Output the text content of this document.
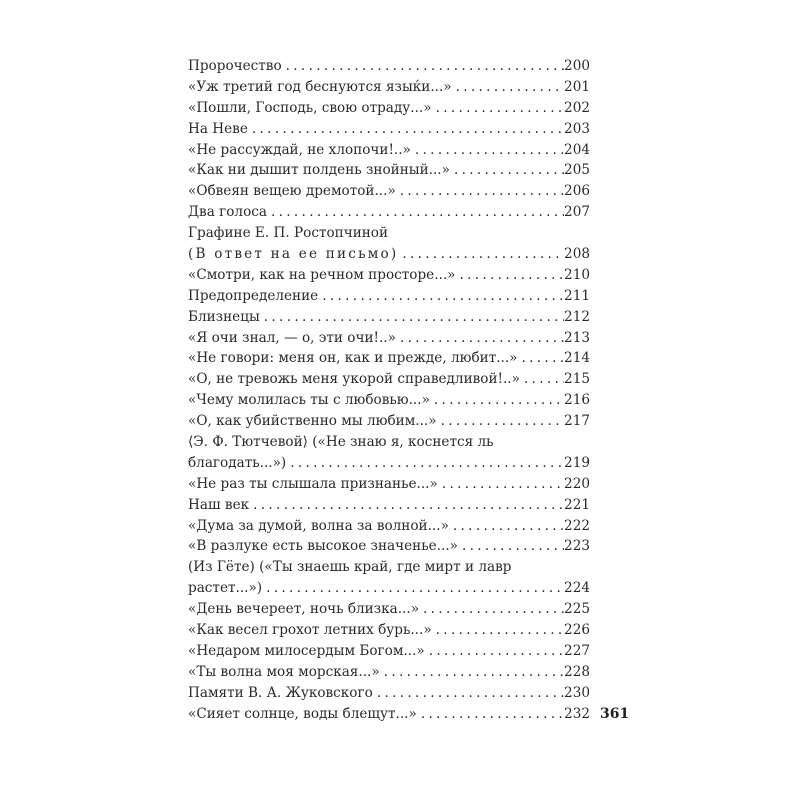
Пророчество . . .	200
«Уж третий год беснуются языќи...» . . .	201
«Пошли, Господь, свою отраду...» . . .	202
На Неве . . .	203
«Не рассуждай, не хлопочи!..» . . .	204
«Как ни дышит полдень знойный...» . . .	205
«Обвеян вещею дремотой...» . . .	206
Два голоса . . .	207
Графине Е. П. Ростопчиной
(В ответ на ее письмо) . . .	208
«Смотри, как на речном просторе...» . . .	210
Предопределение . . .	211
Близнецы . . .	212
«Я очи знал, — о, эти очи!..» . . .	213
«Не говори: меня он, как и прежде, любит...» . . .	214
«О, не тревожь меня укорой справедливой!..» . . .	215
«Чему молилась ты с любовью...» . . .	216
«О, как убийственно мы любим...» . . .	217
⟨Э. Ф. Тютчевой⟩ («Не знаю я, коснется ль
благодать...») . . .	219
«Не раз ты слышала признанье...» . . .	220
Наш век . . .	221
«Дума за думой, волна за волной...» . . .	222
«В разлуке есть высокое значенье...» . . .	223
(Из Гёте) («Ты знаешь край, где мирт и лавр
растет...») . . .	224
«День вечереет, ночь близка...» . . .	225
«Как весел грохот летних бурь...» . . .	226
«Недаром милосердым Богом...» . . .	227
«Ты волна моя морская...» . . .	228
Памяти В. А. Жуковского . . .	230
«Сияет солнце, воды блещут...» . . .	232 361
